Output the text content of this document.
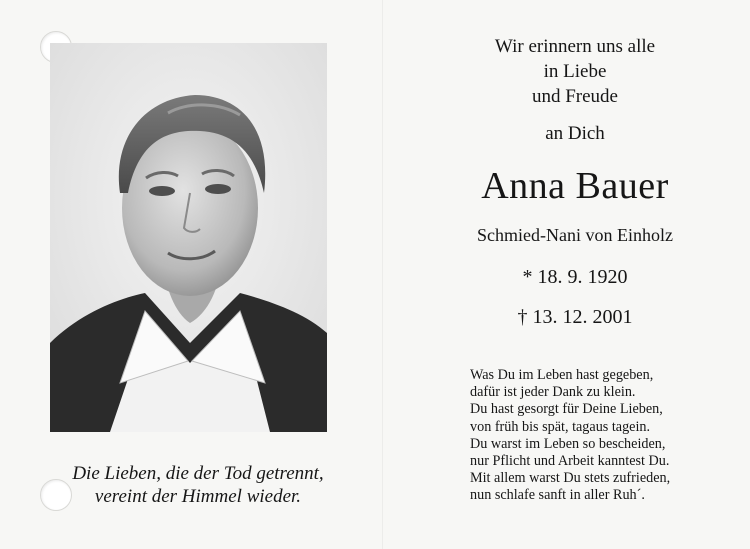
Die Lieben, die der Tod getrennt,
vereint der Himmel wieder.
Wir erinnern uns alle
in Liebe
und Freude
an Dich
Anna Bauer
Schmied-Nani von Einholz
* 18. 9. 1920
† 13. 12. 2001
Was Du im Leben hast gegeben,
dafür ist jeder Dank zu klein.
Du hast gesorgt für Deine Lieben,
von früh bis spät, tagaus tagein.
Du warst im Leben so bescheiden,
nur Pflicht und Arbeit kanntest Du.
Mit allem warst Du stets zufrieden,
nun schlafe sanft in aller Ruh´.
